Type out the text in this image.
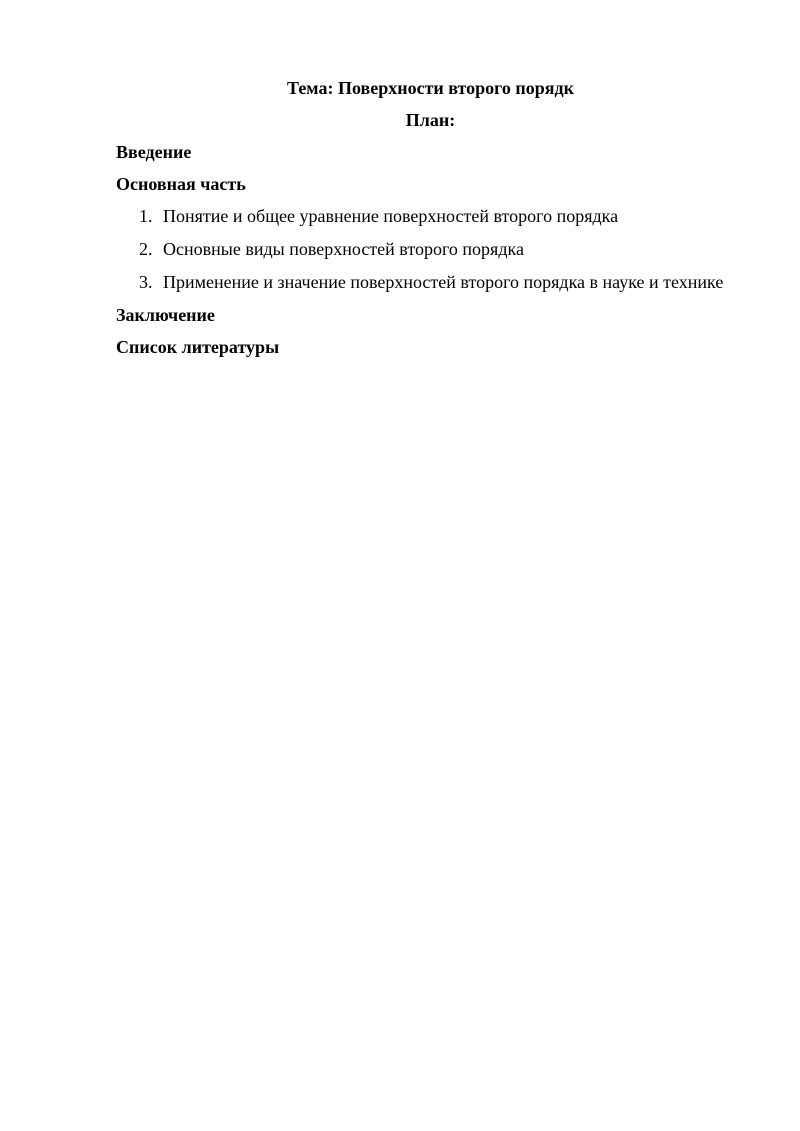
Тема: Поверхности второго порядк

План:

Введение

Основная часть

1. Понятие и общее уравнение поверхностей второго порядка
2. Основные виды поверхностей второго порядка
3. Применение и значение поверхностей второго порядка в науке и технике

Заключение

Список литературы
